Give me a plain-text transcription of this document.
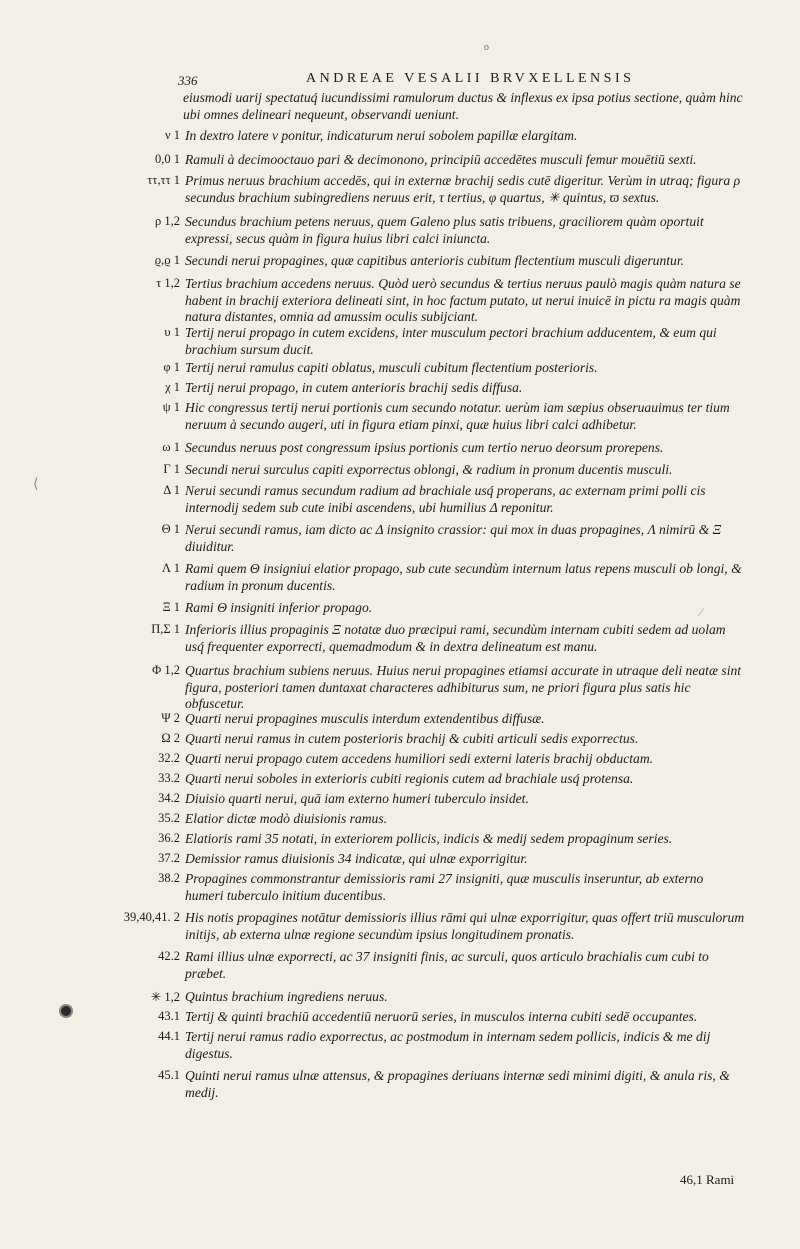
o
336	ANDREAE VESALII BRVXELLENSIS
eiusmodi uarij spectatuq́ iucundissimi ramulorum ductus & inflexus ex ipsa potius sectione, quàm hinc ubi omnes delineari nequeunt, observandi ueniunt.
ν 1 In dextro latere ν ponitur, indicaturum nerui sobolem papillæ elargitam.
0,0 1 Ramuli à decimooctauo pari & decimonono, principiū accedētes musculi femur mouētiū sexti.
ττ,ττ 1 Primus neruus brachium accedēs, qui in externæ brachij sedis cutē digeritur. Verùm in utraq; figura ρ secundus brachium subingrediens neruus erit, τ tertius, φ quartus, ✳ quintus, ϖ sextus.
ρ 1,2 Secundus brachium petens neruus, quem Galeno plus satis tribuens, graciliorem quàm oportuit expressi, secus quàm in figura huius libri calci iniuncta.
ϱ,ϱ 1 Secundi nerui propagines, quæ capitibus anterioris cubitum flectentium musculi digeruntur.
τ 1,2 Tertius brachium accedens neruus. Quòd uerò secundus & tertius neruus paulò magis quàm natura se habent in brachij exteriora delineati sint, in hoc factum putato, ut nerui inuicē in pictu ra magis quàm natura distantes, omnia ad amussim oculis subijciant.
υ 1 Tertij nerui propago in cutem excidens, inter musculum pectori brachium adducentem, & eum qui brachium sursum ducit.
φ 1 Tertij nerui ramulus capiti oblatus, musculi cubitum flectentium posterioris.
χ 1 Tertij nerui propago, in cutem anterioris brachij sedis diffusa.
ψ 1 Hic congressus tertij nerui portionis cum secundo notatur. uerùm iam sæpius obseruauimus ter tium neruum à secundo augeri, uti in figura etiam pinxi, quæ huius libri calci adhibetur.
ω 1 Secundus neruus post congressum ipsius portionis cum tertio neruo deorsum prorepens.
Γ 1 Secundi nerui surculus capiti exporrectus oblongi, & radium in pronum ducentis musculi.
Δ 1 Nerui secundi ramus secundum radium ad brachiale usq́ properans, ac externam primi polli cis internodij sedem sub cute inibi ascendens, ubi humilius Δ reponitur.
Θ 1 Nerui secundi ramus, iam dicto ac Δ insignito crassior: qui mox in duas propagines, Λ nimirū & Ξ diuiditur.
Λ 1 Rami quem Θ insigniui elatior propago, sub cute secundùm internum latus repens musculi ob longi, & radium in pronum ducentis.
Ξ 1 Rami Θ insigniti inferior propago.
Π,Σ 1 Inferioris illius propaginis Ξ notatæ duo præcipui rami, secundùm internam cubiti sedem ad uolam usq́ frequenter exporrecti, quemadmodum & in dextra delineatum est manu.
Φ 1,2 Quartus brachium subiens neruus. Huius nerui propagines etiamsi accurate in utraque deli neatæ sint figura, posteriori tamen duntaxat characteres adhibiturus sum, ne priori figura plus satis hic obfuscetur.
Ψ 2 Quarti nerui propagines musculis interdum extendentibus diffusæ.
Ω 2 Quarti nerui ramus in cutem posterioris brachij & cubiti articuli sedis exporrectus.
32.2 Quarti nerui propago cutem accedens humiliori sedi externi lateris brachij obductam.
33.2 Quarti nerui soboles in exterioris cubiti regionis cutem ad brachiale usq́ protensa.
34.2 Diuisio quarti nerui, quā iam externo humeri tuberculo insidet.
35.2 Elatior dictæ modò diuisionis ramus.
36.2 Elatioris rami 35 notati, in exteriorem pollicis, indicis & medij sedem propaginum series.
37.2 Demissior ramus diuisionis 34 indicatæ, qui ulnæ exporrigitur.
38.2 Propagines commonstrantur demissioris rami 27 insigniti, quæ musculis inseruntur, ab externo humeri tuberculo initium ducentibus.
39,40,41. 2 His notis propagines notātur demissioris illius rāmi qui ulnæ exporrigitur, quas offert triū musculorum initijs, ab externa ulnæ regione secundùm ipsius longitudinem pronatis.
42.2 Rami illius ulnæ exporrecti, ac 37 insigniti finis, ac surculi, quos articulo brachialis cum cubi to præbet.
✳ 1,2 Quintus brachium ingrediens neruus.
43.1 Tertij & quinti brachiū accedentiū neruorū series, in musculos interna cubiti sedē occupantes.
44.1 Tertij nerui ramus radio exporrectus, ac postmodum in internam sedem pollicis, indicis & me dij digestus.
45.1 Quinti nerui ramus ulnæ attensus, & propagines deriuans internæ sedi minimi digiti, & anula ris, & medij.
⟨
⁄
46,1 Rami
